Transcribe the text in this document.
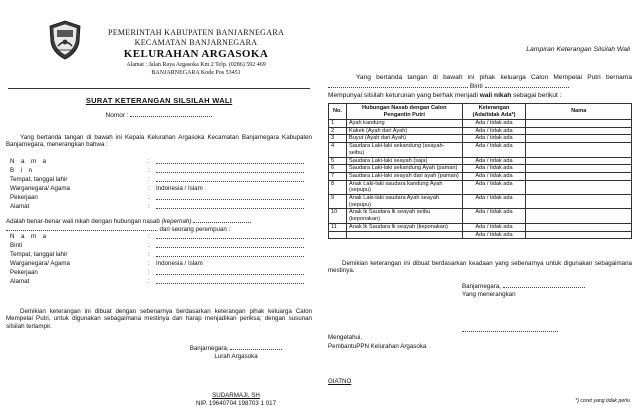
PEMERINTAH KABUPATEN BANJARNEGARA
KECAMATAN BANJARNEGARA
KELURAHAN ARGASOKA
Alamat : Jalan Raya Argasoka Km 2 Telp. (0286) 592 469
BANJARNEGARA Kode Pos 53451
SURAT KETERANGAN SILSILAH WALI
Nomor :
Yang bertanda tangan di bawah ini Kepala Kelurahan Argasoka Kecamatan Banjarnegara Kabupaten Banjarnegara, menerangkan bahwa :
N a m a	:
B i n	:
Tempat, tanggal lahir	:
Warganegara/ Agama	: Indonesia / Islam
Pekerjaan	:
Alamat	:
Adalah benar-benar wali nikah dengan hubungan nasab (kepernah)
. dari seorang perempuan :
N a m a	:
Binti	:
Tempat, tanggal lahir	:
Warganegara/ Agama	: Indonesia / Islam
Pekerjaan	:
Alamat	:
Demikian keterangan ini dibuat dengan sebenarnya berdasarkan keterangan pihak keluarga Calon Mempelai Putri, untuk digunakan sebagaimana mestinya dan harap menjadikan periksa; dengan susunan silsilah terlampir.
Banjarnegara,
Lurah Argasoka
SUDARMAJI, SH
NIP. 19640704 198703 1 017
Lampiran Keterangan Silsilah Wali
Yang bertanda tangan di bawah ini pihak keluarga Calon Mempelai Putri bernama  Binti
Mempunyai silsilah keturunan yang berhak menjadi wali nikah sebagai berikut :
No.	Hubungan Nasab dengan Calon Pengantin Putri	Keterangan (Ada/tidak Ada*)	Nama
1	Ayah kandung	Ada / tidak ada	
2	Kakek (Ayah dari Ayah)	Ada / tidak ada	
3	Buyut (Ayah dari Ayah)	Ada / tidak ada	
4	Saudara Laki-laki sekandung (seayah-seibu)	Ada / tidak ada	
5	Saudara Laki-laki seayah (saja)	Ada / tidak ada	
6	Saudara Laki-laki sekandung Ayah (paman)	Ada / tidak ada	
7	Saudara Laki-laki seayah dari ayah (paman)	Ada / tidak ada	
8	Anak Laki-laki saudara kandung Ayah (sepupu)	Ada / tidak ada	
9	Anak Laki-laki saudara Ayah seayah (sepupu)	Ada / tidak ada	
10	Anak lk Saudara lk seayah seibu (keponakan)	Ada / tidak ada	
11	Anak lk Saudara lk seayah (keponakan)	Ada / tidak ada	
		Ada / tidak ada	
Demikian keterangan ini dibuat berdasarkan keadaan yang sebenarnya untuk digunakan sebagaimana mestinya.
Banjarnegara,
Yang menerangkan
Mengetahui,
PembantuPPN Kelurahan Argasoka
GIATNO
*) coret yang tidak perlu
